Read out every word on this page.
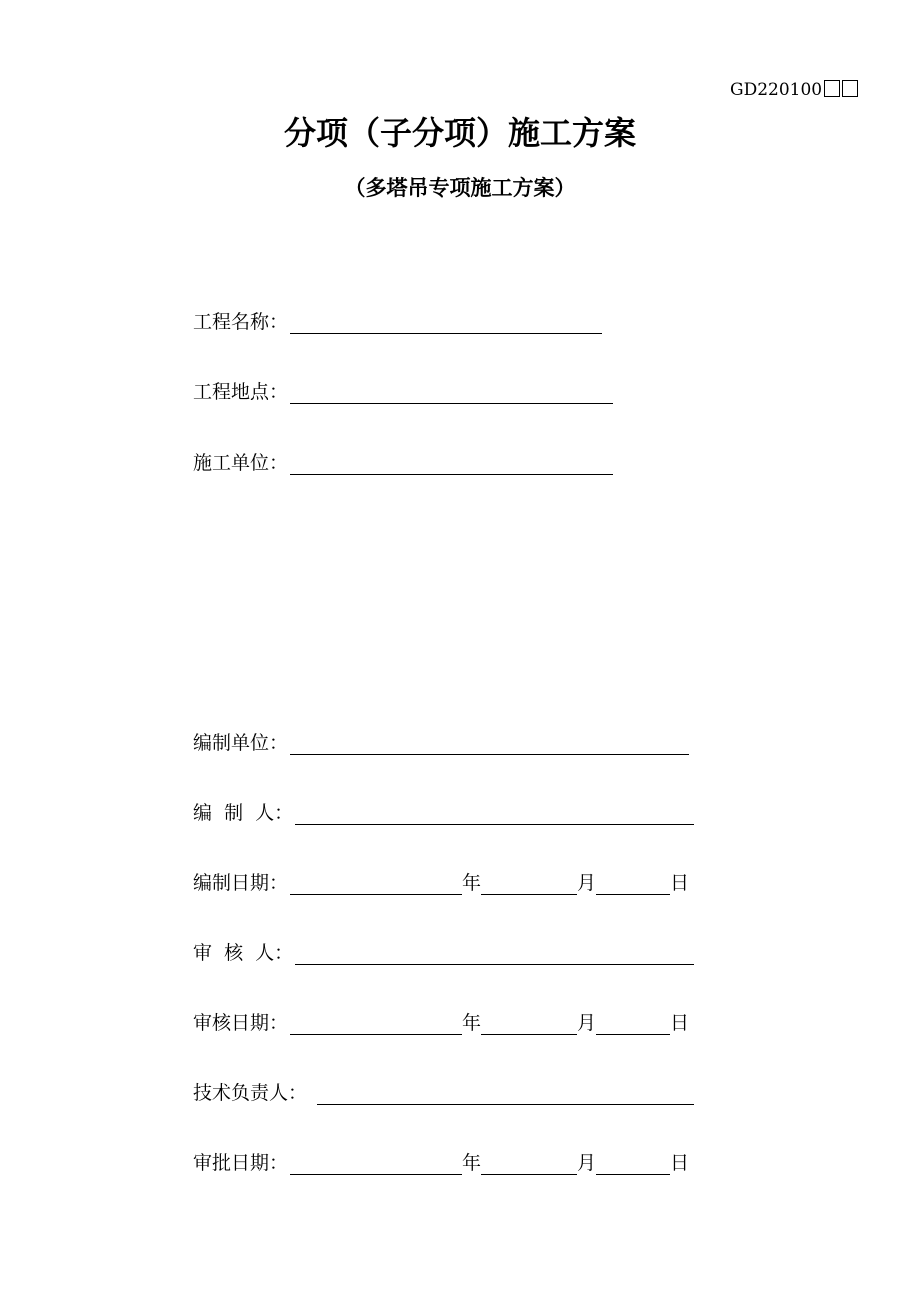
GD220100
分项（子分项）施工方案
（多塔吊专项施工方案）
工程名称：
工程地点：
施工单位：
编制单位：
编  制  人：
编制日期：	年	月	日
审  核  人：
审核日期：	年	月	日
技术负责人：
审批日期：	年	月	日
